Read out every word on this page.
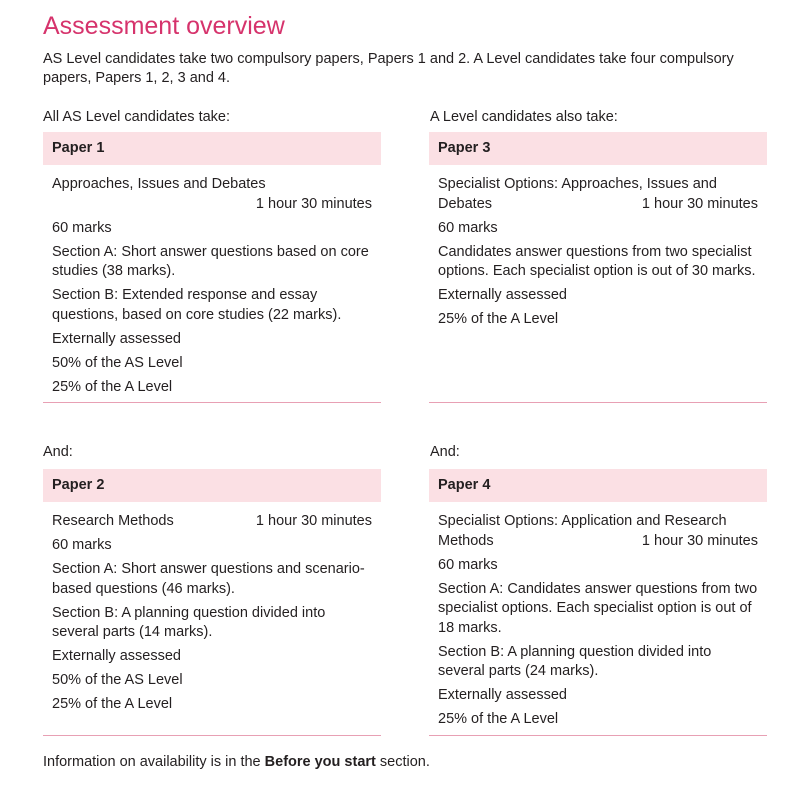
Assessment overview

AS Level candidates take two compulsory papers, Papers 1 and 2. A Level candidates take four compulsory papers, Papers 1, 2, 3 and 4.

All AS Level candidates take:	A Level candidates also take:
Paper 1
Approaches, Issues and Debates
1 hour 30 minutes
60 marks
Section A: Short answer questions based on core studies (38 marks).
Section B: Extended response and essay questions, based on core studies (22 marks).
Externally assessed
50% of the AS Level
25% of the A Level
Paper 3
Specialist Options: Approaches, Issues and
Debates	1 hour 30 minutes
60 marks
Candidates answer questions from two specialist options. Each specialist option is out of 30 marks.
Externally assessed
25% of the A Level
And:	And:
Paper 2
Research Methods	1 hour 30 minutes
60 marks
Section A: Short answer questions and scenario-based questions (46 marks).
Section B: A planning question divided into several parts (14 marks).
Externally assessed
50% of the AS Level
25% of the A Level
Paper 4
Specialist Options: Application and Research
Methods	1 hour 30 minutes
60 marks
Section A: Candidates answer questions from two specialist options. Each specialist option is out of 18 marks.
Section B: A planning question divided into several parts (24 marks).
Externally assessed
25% of the A Level
Information on availability is in the Before you start section.
